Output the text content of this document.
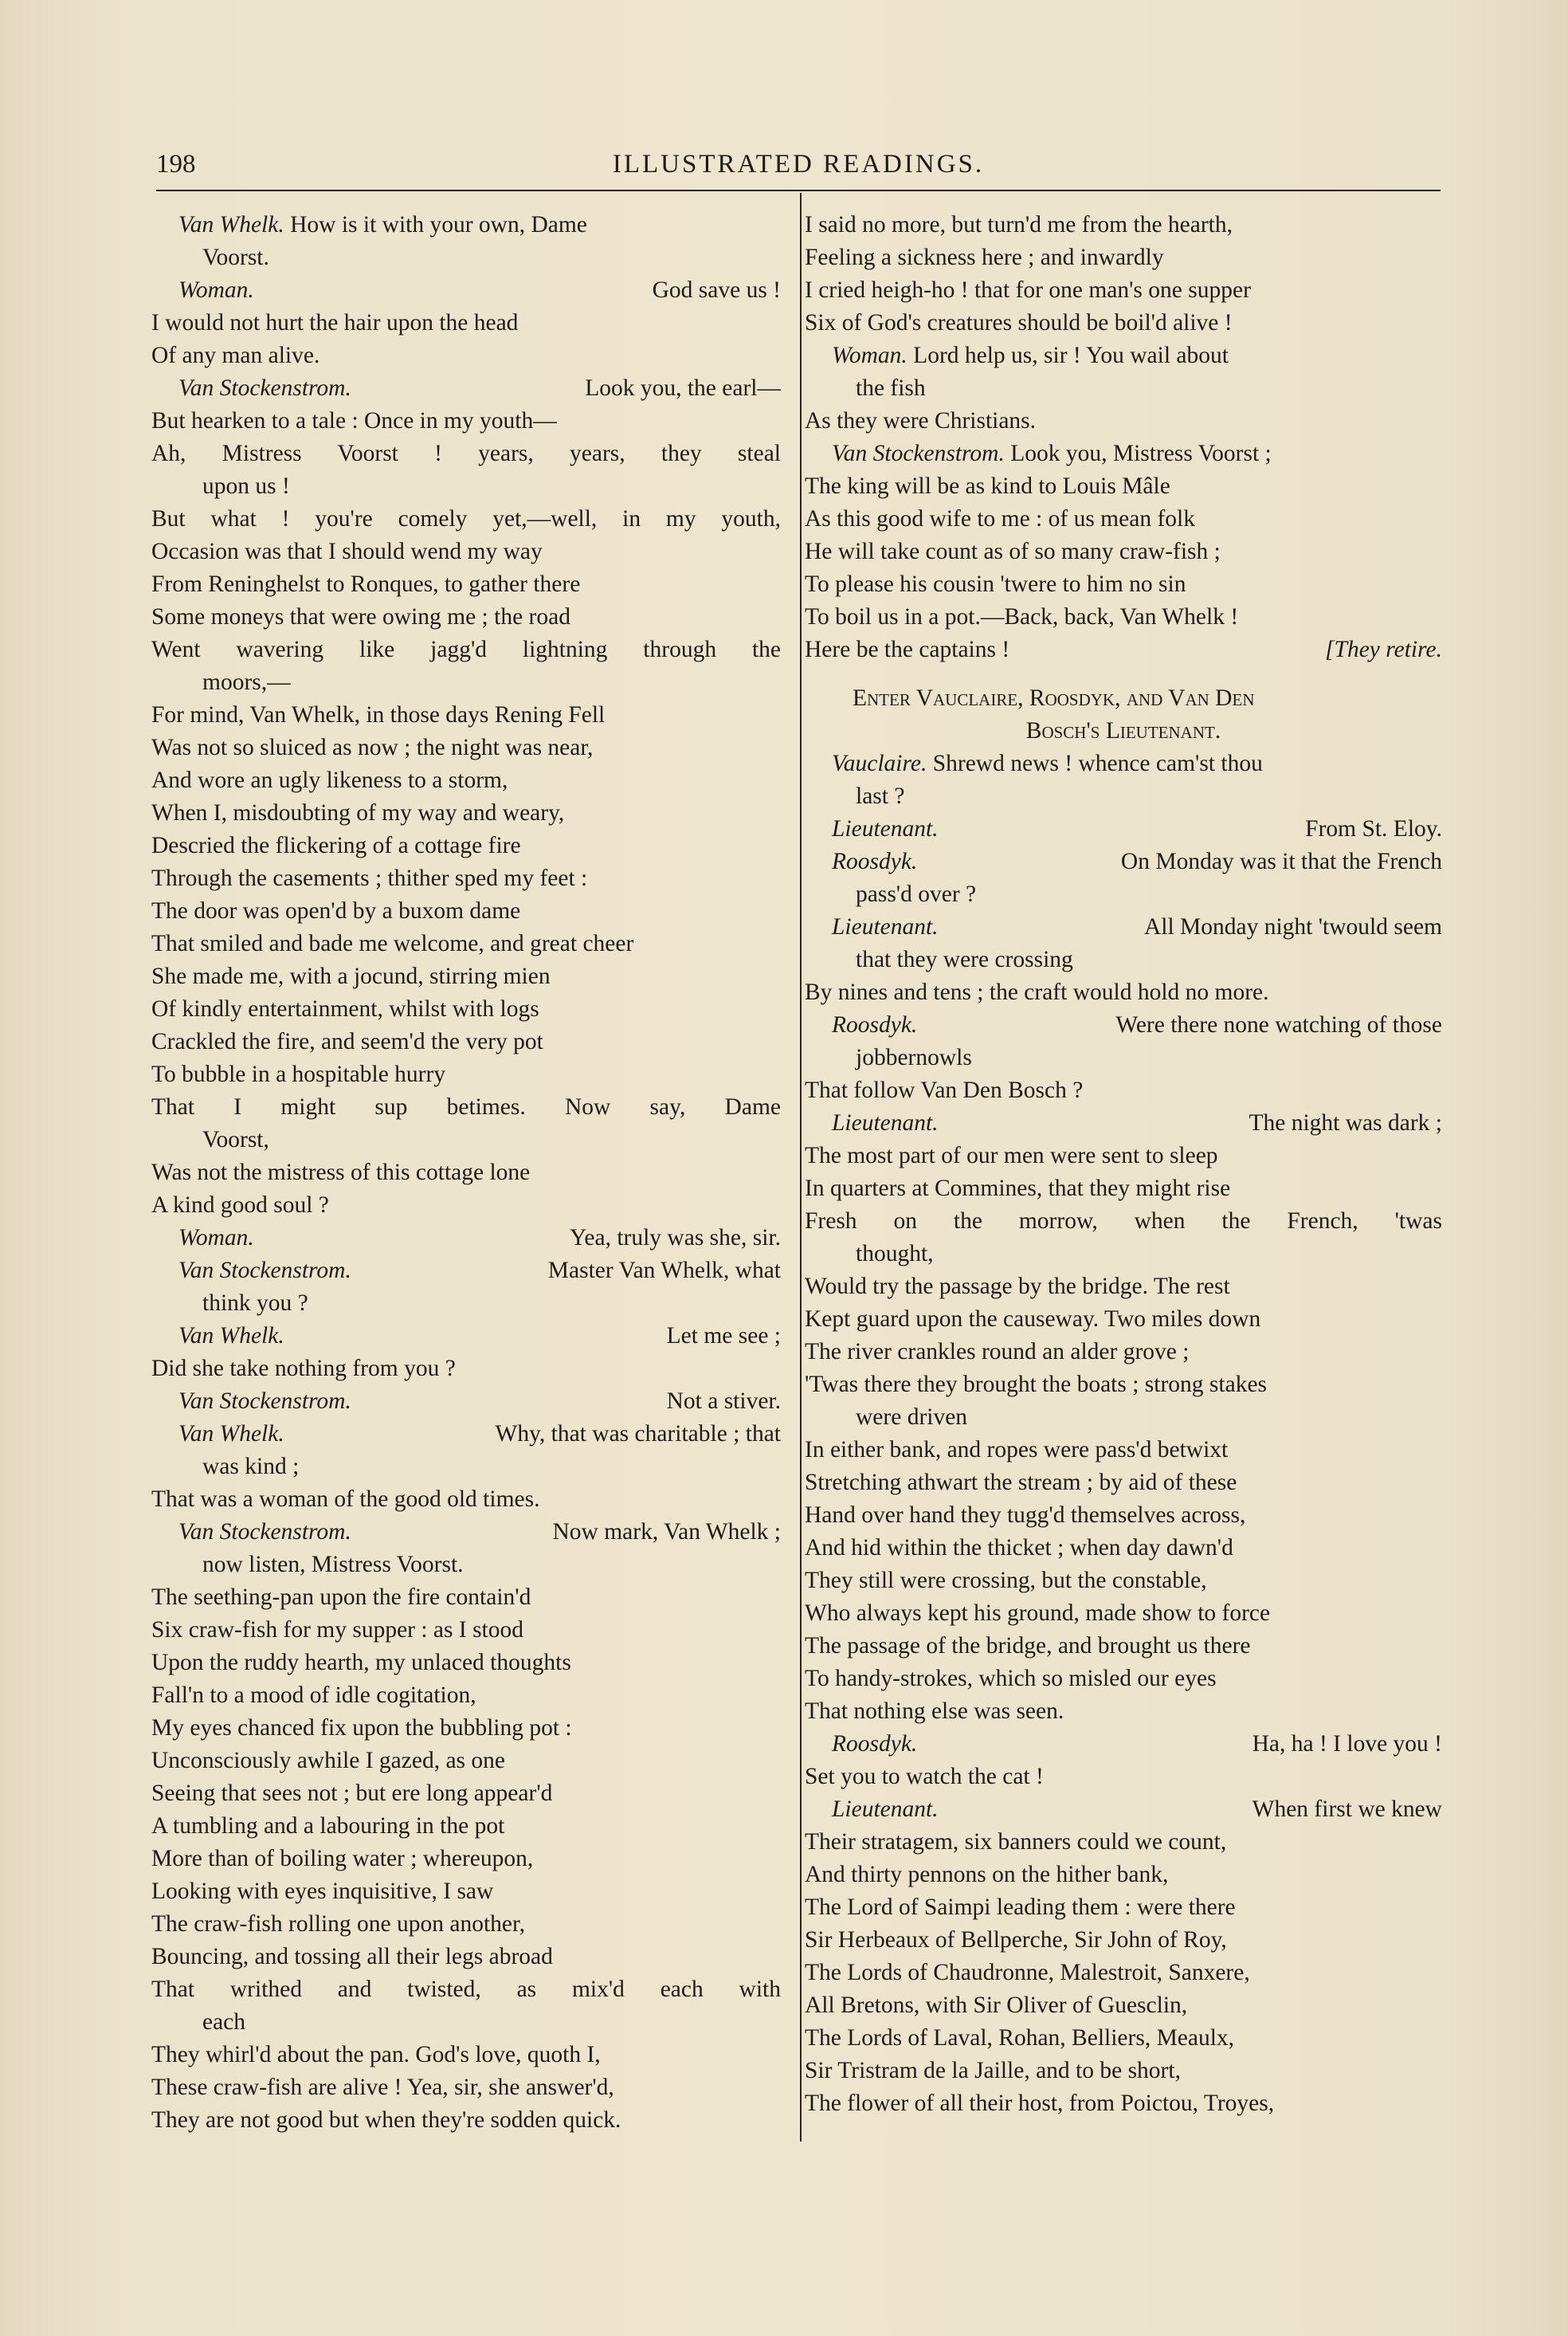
198	ILLUSTRATED READINGS.
Van Whelk. How is it with your own, Dame
Voorst.
Woman.	God save us !
I would not hurt the hair upon the head
Of any man alive.
Van Stockenstrom.	Look you, the earl—
But hearken to a tale : Once in my youth—
Ah, Mistress Voorst ! years, years, they steal
upon us !
But what ! you're comely yet,—well, in my youth,
Occasion was that I should wend my way
From Reninghelst to Ronques, to gather there
Some moneys that were owing me ; the road
Went wavering like jagg'd lightning through the
moors,—
For mind, Van Whelk, in those days Rening Fell
Was not so sluiced as now ; the night was near,
And wore an ugly likeness to a storm,
When I, misdoubting of my way and weary,
Descried the flickering of a cottage fire
Through the casements ; thither sped my feet :
The door was open'd by a buxom dame
That smiled and bade me welcome, and great cheer
She made me, with a jocund, stirring mien
Of kindly entertainment, whilst with logs
Crackled the fire, and seem'd the very pot
To bubble in a hospitable hurry
That I might sup betimes. Now say, Dame
Voorst,
Was not the mistress of this cottage lone
A kind good soul ?
Woman.	Yea, truly was she, sir.
Van Stockenstrom.	Master Van Whelk, what
think you ?
Van Whelk.	Let me see ;
Did she take nothing from you ?
Van Stockenstrom.	Not a stiver.
Van Whelk.	Why, that was charitable ; that
was kind ;
That was a woman of the good old times.
Van Stockenstrom.	Now mark, Van Whelk ;
now listen, Mistress Voorst.
The seething-pan upon the fire contain'd
Six craw-fish for my supper : as I stood
Upon the ruddy hearth, my unlaced thoughts
Fall'n to a mood of idle cogitation,
My eyes chanced fix upon the bubbling pot :
Unconsciously awhile I gazed, as one
Seeing that sees not ; but ere long appear'd
A tumbling and a labouring in the pot
More than of boiling water ; whereupon,
Looking with eyes inquisitive, I saw
The craw-fish rolling one upon another,
Bouncing, and tossing all their legs abroad
That writhed and twisted, as mix'd each with
each
They whirl'd about the pan. God's love, quoth I,
These craw-fish are alive ! Yea, sir, she answer'd,
They are not good but when they're sodden quick.
I said no more, but turn'd me from the hearth,
Feeling a sickness here ; and inwardly
I cried heigh-ho ! that for one man's one supper
Six of God's creatures should be boil'd alive !
Woman. Lord help us, sir ! You wail about
the fish
As they were Christians.
Van Stockenstrom. Look you, Mistress Voorst ;
The king will be as kind to Louis Mâle
As this good wife to me : of us mean folk
He will take count as of so many craw-fish ;
To please his cousin 'twere to him no sin
To boil us in a pot.—Back, back, Van Whelk !
Here be the captains !	[They retire.
Enter Vauclaire, Roosdyk, and Van Den
Bosch's Lieutenant.
Vauclaire. Shrewd news ! whence cam'st thou
last ?
Lieutenant.	From St. Eloy.
Roosdyk.	On Monday was it that the French
pass'd over ?
Lieutenant.	All Monday night 'twould seem
that they were crossing
By nines and tens ; the craft would hold no more.
Roosdyk.	Were there none watching of those
jobbernowls
That follow Van Den Bosch ?
Lieutenant.	The night was dark ;
The most part of our men were sent to sleep
In quarters at Commines, that they might rise
Fresh on the morrow, when the French, 'twas
thought,
Would try the passage by the bridge. The rest
Kept guard upon the causeway. Two miles down
The river crankles round an alder grove ;
'Twas there they brought the boats ; strong stakes
were driven
In either bank, and ropes were pass'd betwixt
Stretching athwart the stream ; by aid of these
Hand over hand they tugg'd themselves across,
And hid within the thicket ; when day dawn'd
They still were crossing, but the constable,
Who always kept his ground, made show to force
The passage of the bridge, and brought us there
To handy-strokes, which so misled our eyes
That nothing else was seen.
Roosdyk.	Ha, ha ! I love you !
Set you to watch the cat !
Lieutenant.	When first we knew
Their stratagem, six banners could we count,
And thirty pennons on the hither bank,
The Lord of Saimpi leading them : were there
Sir Herbeaux of Bellperche, Sir John of Roy,
The Lords of Chaudronne, Malestroit, Sanxere,
All Bretons, with Sir Oliver of Guesclin,
The Lords of Laval, Rohan, Belliers, Meaulx,
Sir Tristram de la Jaille, and to be short,
The flower of all their host, from Poictou, Troyes,
